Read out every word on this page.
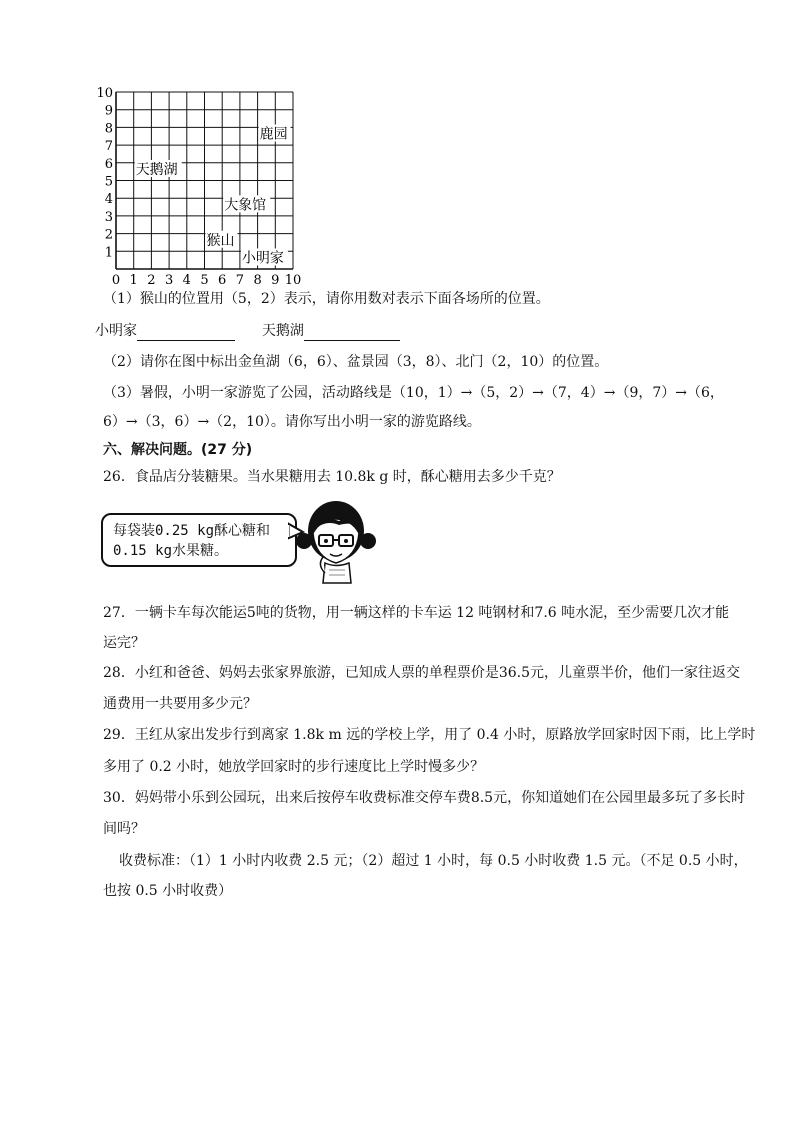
10
9
8
7
6
5
4
3
2
1
0 1 2 3 4 5 6 7 8 9 10
鹿园
天鹅湖
大象馆
猴山
小明家
（1）猴山的位置用（5，2）表示，请你用数对表示下面各场所的位置。
小明家	天鹅湖
（2）请你在图中标出金鱼湖（6，6）、盆景园（3，8）、北门（2，10）的位置。
（3）暑假，小明一家游览了公园，活动路线是（10，1）→（5，2）→（7，4）→（9，7）→（6，
6）→（3，6）→（2，10）。请你写出小明一家的游览路线。
六、解决问题。(27 分)
26．食品店分装糖果。当水果糖用去 10.8k g 时，酥心糖用去多少千克？
每袋装0.25 kg酥心糖和
0.15 kg水果糖。
27．一辆卡车每次能运5吨的货物，用一辆这样的卡车运 12 吨钢材和7.6 吨水泥，至少需要几次才能
运完？
28．小红和爸爸、妈妈去张家界旅游，已知成人票的单程票价是36.5元，儿童票半价，他们一家往返交
通费用一共要用多少元？
29．王红从家出发步行到离家 1.8k m 远的学校上学，用了 0.4 小时，原路放学回家时因下雨，比上学时
多用了 0.2 小时，她放学回家时的步行速度比上学时慢多少？
30．妈妈带小乐到公园玩，出来后按停车收费标准交停车费8.5元，你知道她们在公园里最多玩了多长时
间吗？
收费标准：（1）1 小时内收费 2.5 元；（2）超过 1 小时，每 0.5 小时收费 1.5 元。（不足 0.5 小时，
也按 0.5 小时收费）
